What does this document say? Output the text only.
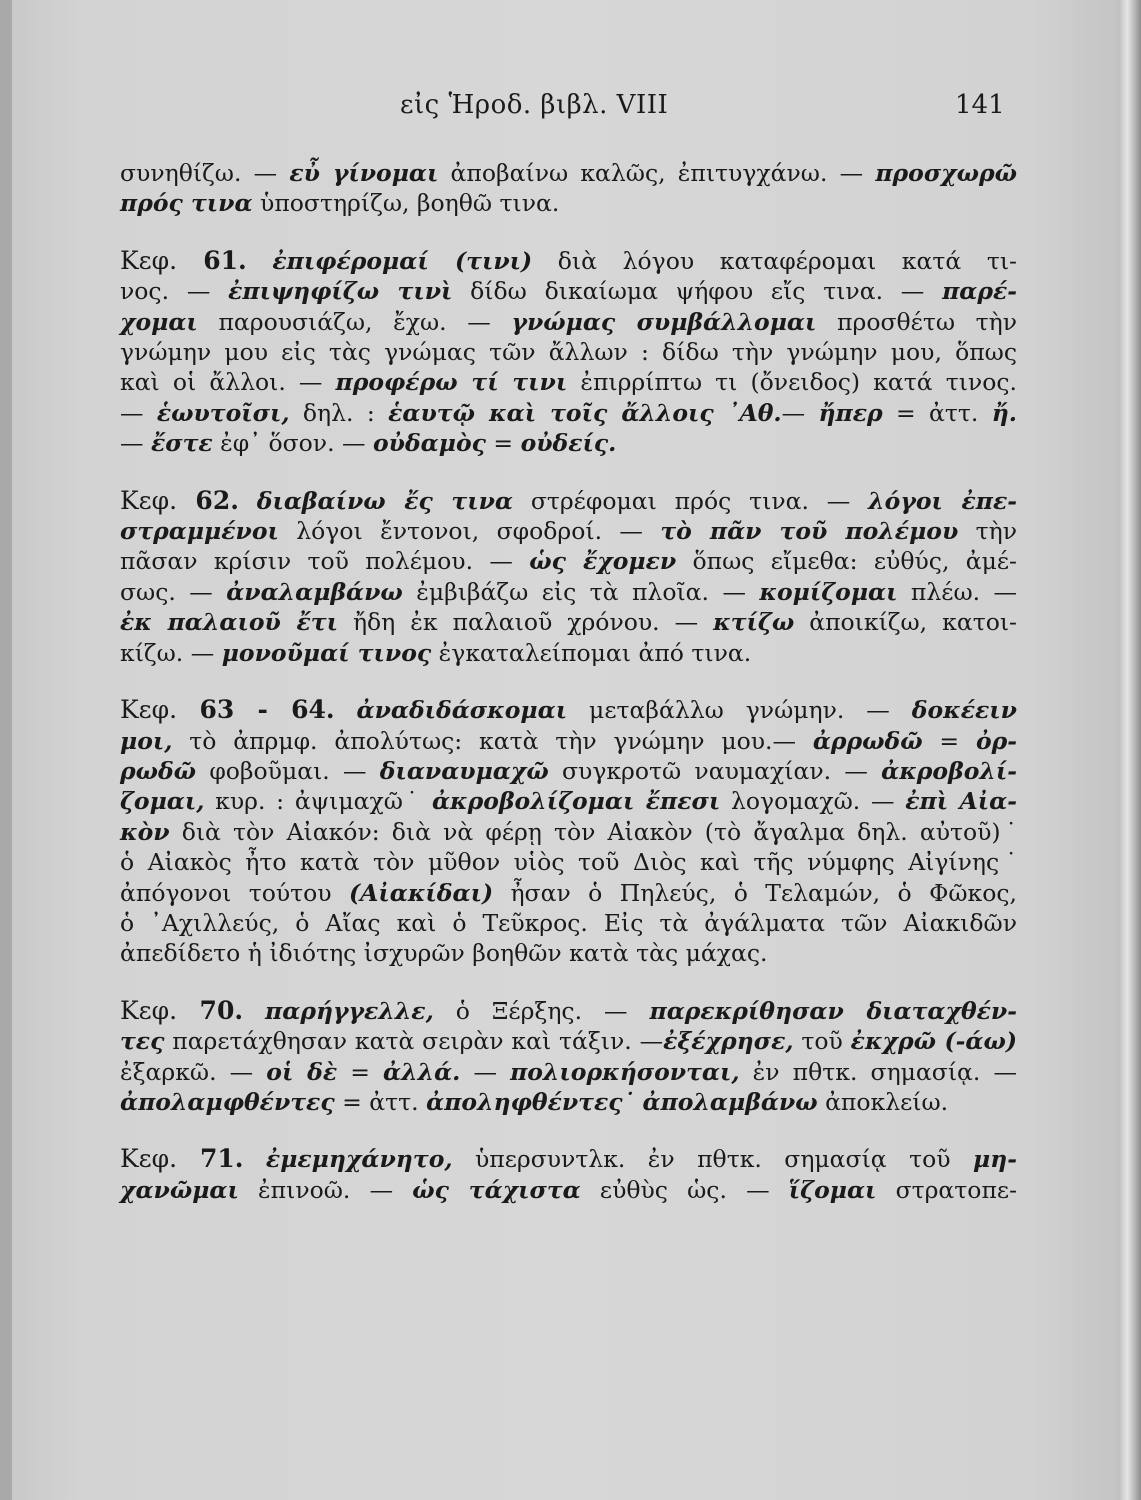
εἰς Ἡροδ. βιβλ. VIII	141
συνηθίζω. — εὖ γίνομαι ἀποβαίνω καλῶς, ἐπιτυγχάνω. — προσχωρῶ
πρός τινα ὑποστηρίζω, βοηθῶ τινα.
Κεφ. 61. ἐπιφέρομαί (τινι) διὰ λόγου καταφέρομαι κατά τι-
νος. — ἐπιψηφίζω τινὶ δίδω δικαίωμα ψήφου εἴς τινα. — παρέ-
χομαι παρουσιάζω, ἔχω. — γνώμας συμβάλλομαι προσθέτω τὴν
γνώμην μου εἰς τὰς γνώμας τῶν ἄλλων : δίδω τὴν γνώμην μου, ὅπως
καὶ οἱ ἄλλοι. — προφέρω τί τινι ἐπιρρίπτω τι (ὄνειδος) κατά τινος.
— ἑωυτοῖσι, δηλ. : ἑαυτῷ καὶ τοῖς ἄλλοις ᾿Αθ.— ἤπερ = ἀττ. ἤ.
— ἔστε ἐφ᾿ ὅσον. — οὐδαμὸς = οὐδείς.
Κεφ. 62. διαβαίνω ἔς τινα στρέφομαι πρός τινα. — λόγοι ἐπε-
στραμμένοι λόγοι ἔντονοι, σφοδροί. — τὸ πᾶν τοῦ πολέμου τὴν
πᾶσαν κρίσιν τοῦ πολέμου. — ὡς ἔχομεν ὅπως εἴμεθα: εὐθύς, ἀμέ-
σως. — ἀναλαμβάνω ἐμβιβάζω εἰς τὰ πλοῖα. — κομίζομαι πλέω. —
ἐκ παλαιοῦ ἔτι ἤδη ἐκ παλαιοῦ χρόνου. — κτίζω ἀποικίζω, κατοι-
κίζω. — μονοῦμαί τινος ἐγκαταλείπομαι ἀπό τινα.
Κεφ. 63 - 64. ἀναδιδάσκομαι μεταβάλλω γνώμην. — δοκέειν
μοι, τὸ ἀπρμφ. ἀπολύτως: κατὰ τὴν γνώμην μου.— ἀρρωδῶ = ὀρ-
ρωδῶ φοβοῦμαι. — διαναυμαχῶ συγκροτῶ ναυμαχίαν. — ἀκροβολί-
ζομαι, κυρ. : ἀψιμαχῶ˙ ἀκροβολίζομαι ἔπεσι λογομαχῶ. — ἐπὶ Αἰα-
κὸν διὰ τὸν Αἰακόν: διὰ νὰ φέρῃ τὸν Αἰακὸν (τὸ ἄγαλμα δηλ. αὐτοῦ)˙
ὁ Αἰακὸς ἦτο κατὰ τὸν μῦθον υἱὸς τοῦ Διὸς καὶ τῆς νύμφης Αἰγίνης˙
ἀπόγονοι τούτου (Αἰακίδαι) ἦσαν ὁ Πηλεύς, ὁ Τελαμών, ὁ Φῶκος,
ὁ ᾿Αχιλλεύς, ὁ Αἴας καὶ ὁ Τεῦκρος. Εἰς τὰ ἀγάλματα τῶν Αἰακιδῶν
ἀπεδίδετο ἡ ἰδιότης ἰσχυρῶν βοηθῶν κατὰ τὰς μάχας.
Κεφ. 70. παρήγγελλε, ὁ Ξέρξης. — παρεκρίθησαν διαταχθέν-
τες παρετάχθησαν κατὰ σειρὰν καὶ τάξιν. —ἐξέχρησε, τοῦ ἐκχρῶ (-άω)
ἐξαρκῶ. — οἱ δὲ = ἀλλά. — πολιορκήσονται, ἐν πθτκ. σημασίᾳ. —
ἀπολαμφθέντες = ἀττ. ἀποληφθέντες˙ ἀπολαμβάνω ἀποκλείω.
Κεφ. 71. ἐμεμηχάνητο, ὑπερσυντλκ. ἐν πθτκ. σημασίᾳ τοῦ μη-
χανῶμαι ἐπινοῶ. — ὡς τάχιστα εὐθὺς ὡς. — ἵζομαι στρατοπε-
